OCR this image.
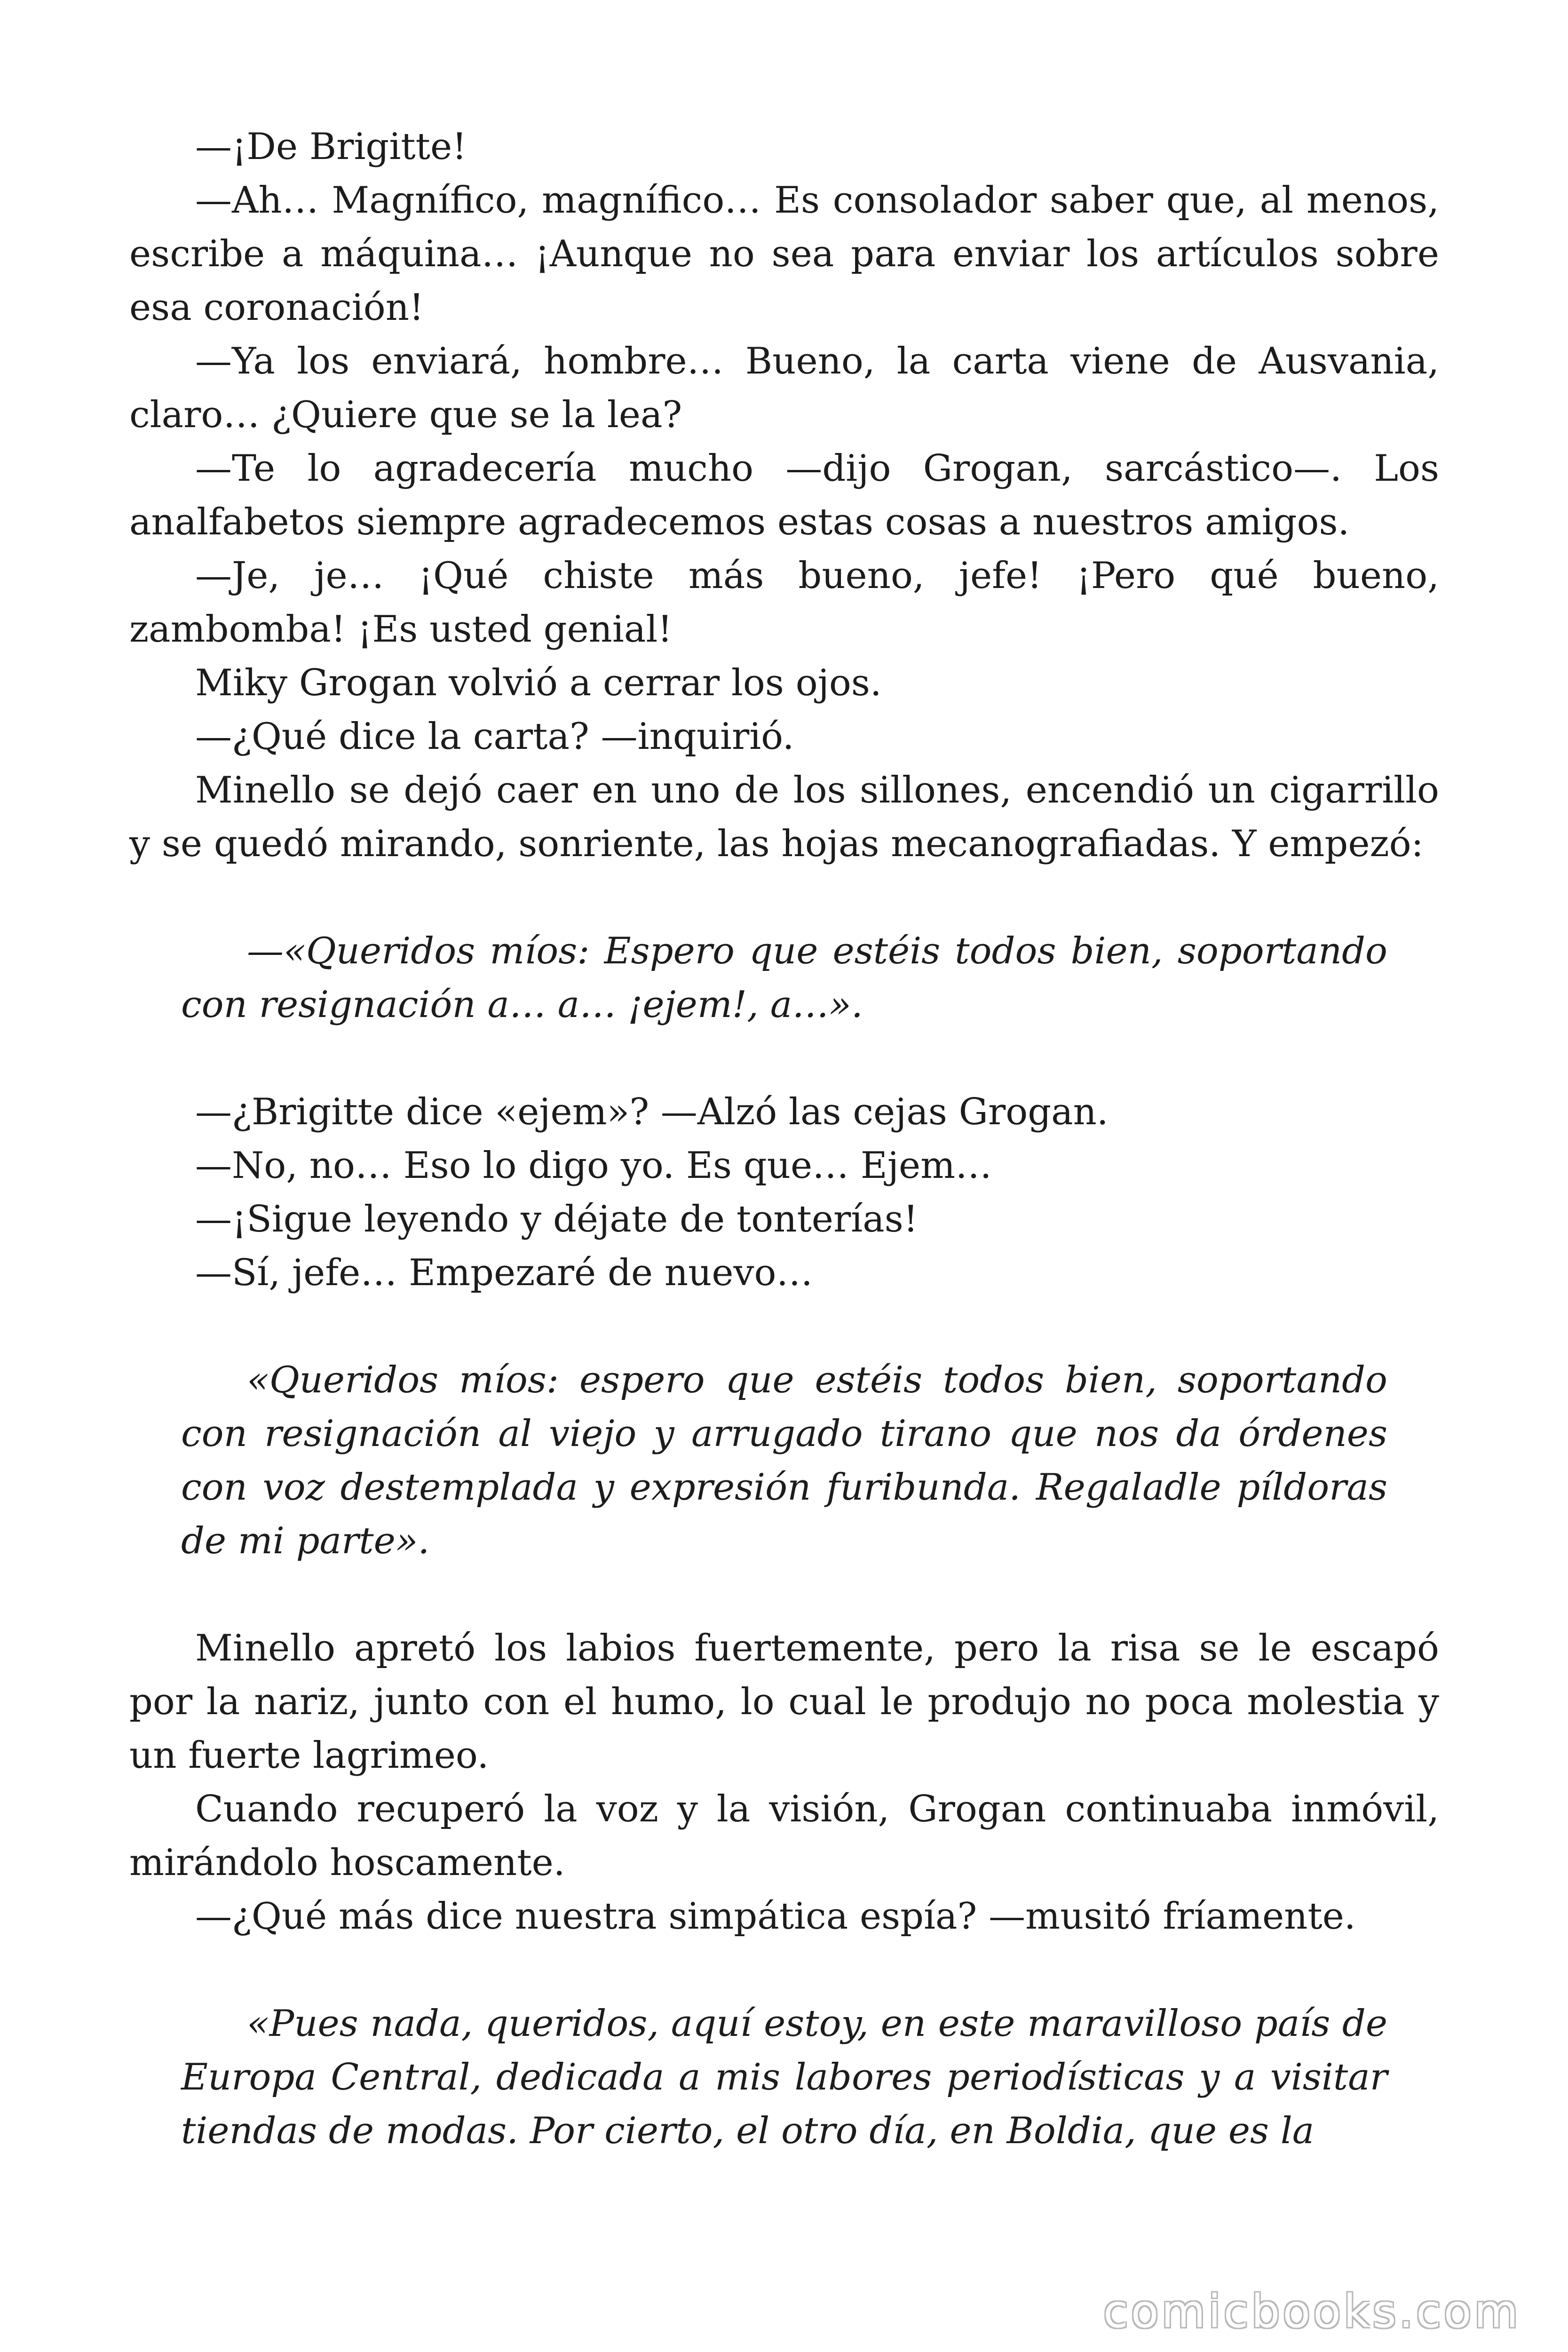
—¡De Brigitte!

—Ah… Magnífico, magnífico… Es consolador saber que, al menos, escribe a máquina… ¡Aunque no sea para enviar los artículos sobre esa coronación!

—Ya los enviará, hombre… Bueno, la carta viene de Ausvania, claro… ¿Quiere que se la lea?

—Te lo agradecería mucho —dijo Grogan, sarcástico—. Los analfabetos siempre agradecemos estas cosas a nuestros amigos.

—Je, je… ¡Qué chiste más bueno, jefe! ¡Pero qué bueno, zambomba! ¡Es usted genial!

Miky Grogan volvió a cerrar los ojos.

—¿Qué dice la carta? —inquirió.

Minello se dejó caer en uno de los sillones, encendió un cigarrillo y se quedó mirando, sonriente, las hojas mecanografiadas. Y empezó:

—«Queridos míos: Espero que estéis todos bien, soportando con resignación a… a… ¡ejem!, a…».

—¿Brigitte dice «ejem»? —Alzó las cejas Grogan.

—No, no… Eso lo digo yo. Es que… Ejem…

—¡Sigue leyendo y déjate de tonterías!

—Sí, jefe… Empezaré de nuevo…

«Queridos míos: espero que estéis todos bien, soportando con resignación al viejo y arrugado tirano que nos da órdenes con voz destemplada y expresión furibunda. Regaladle píldoras de mi parte».

Minello apretó los labios fuertemente, pero la risa se le escapó por la nariz, junto con el humo, lo cual le produjo no poca molestia y un fuerte lagrimeo.

Cuando recuperó la voz y la visión, Grogan continuaba inmóvil, mirándolo hoscamente.

—¿Qué más dice nuestra simpática espía? —musitó fríamente.

«Pues nada, queridos, aquí estoy, en este maravilloso país de Europa Central, dedicada a mis labores periodísticas y a visitar tiendas de modas. Por cierto, el otro día, en Boldia, que es la

comicbooks.com
